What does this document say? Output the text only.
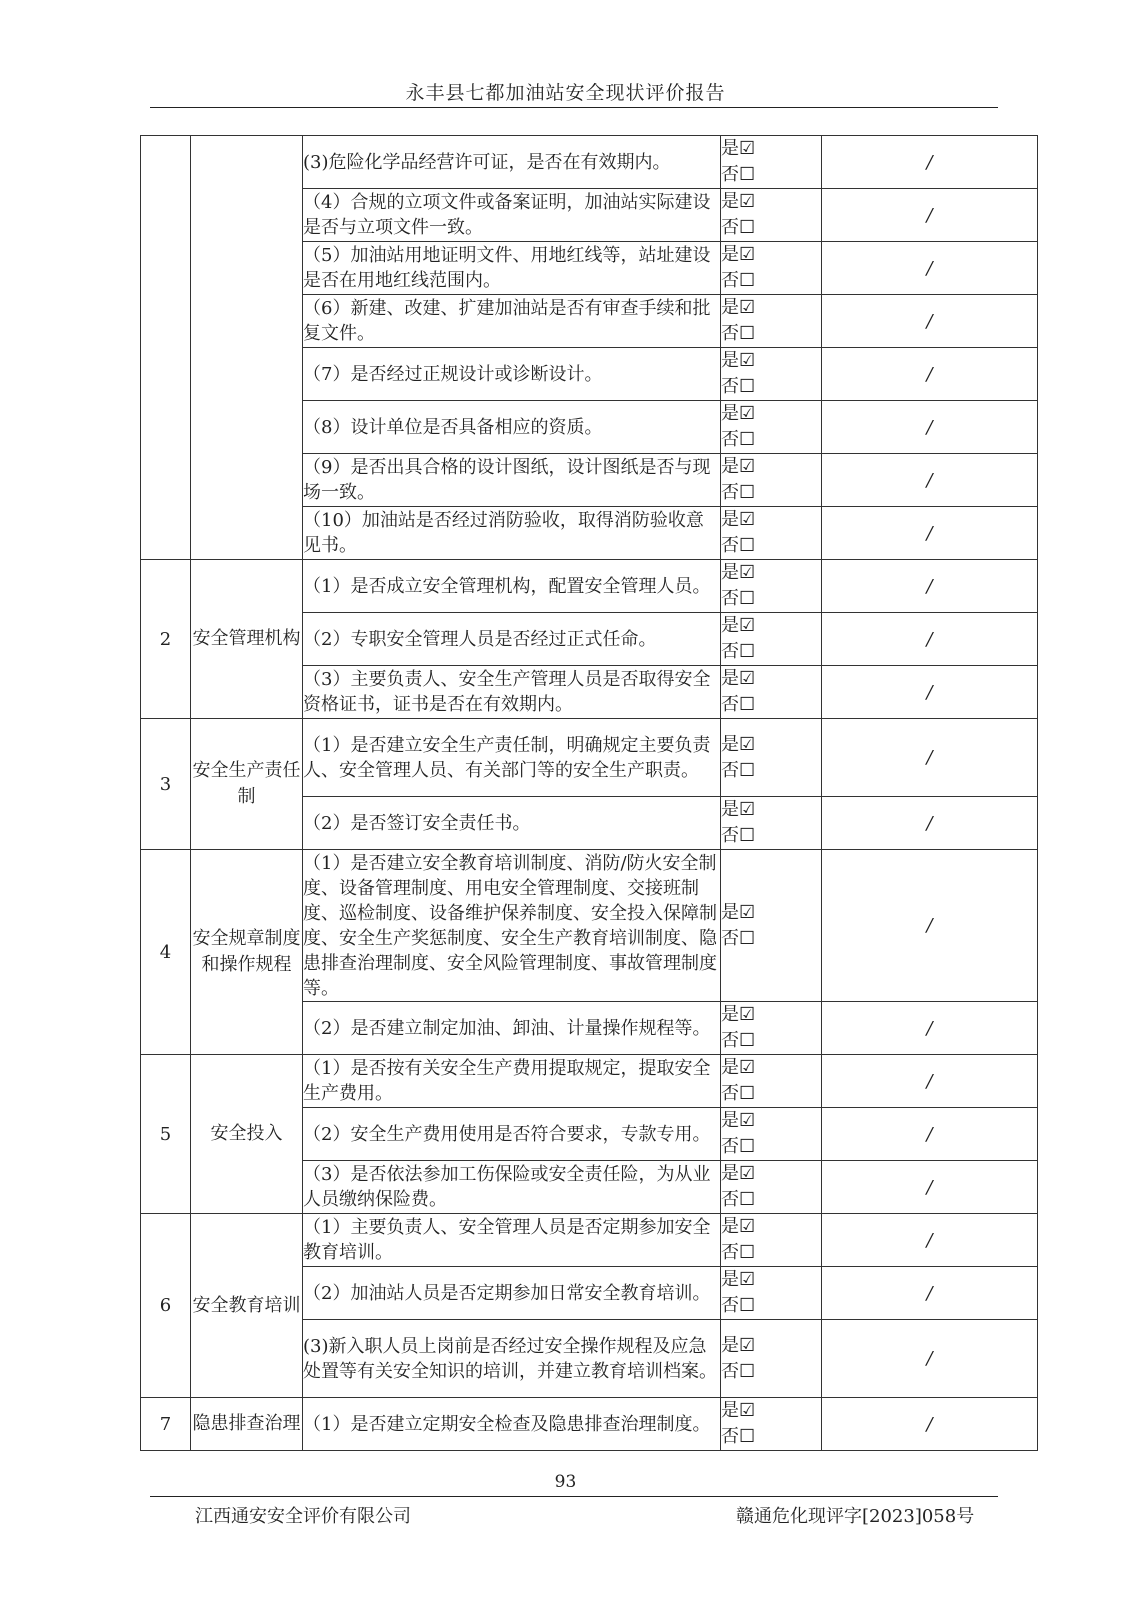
永丰县七都加油站安全现状评价报告
		(3)危险化学品经营许可证，是否在有效期内。	是☑
否☐	/
		（4）合规的立项文件或备案证明，加油站实际建设是否与立项文件一致。	是☑
否☐	/
		（5）加油站用地证明文件、用地红线等，站址建设是否在用地红线范围内。	是☑
否☐	/
		（6）新建、改建、扩建加油站是否有审查手续和批复文件。	是☑
否☐	/
		（7）是否经过正规设计或诊断设计。	是☑
否☐	/
		（8）设计单位是否具备相应的资质。	是☑
否☐	/
		（9）是否出具合格的设计图纸，设计图纸是否与现场一致。	是☑
否☐	/
		（10）加油站是否经过消防验收，取得消防验收意见书。	是☑
否☐	/
2	安全管理机构	（1）是否成立安全管理机构，配置安全管理人员。	是☑
否☐	/
		（2）专职安全管理人员是否经过正式任命。	是☑
否☐	/
		（3）主要负责人、安全生产管理人员是否取得安全资格证书，证书是否在有效期内。	是☑
否☐	/
3	安全生产责任制	（1）是否建立安全生产责任制，明确规定主要负责人、安全管理人员、有关部门等的安全生产职责。	是☑
否☐	/
		（2）是否签订安全责任书。	是☑
否☐	/
4	安全规章制度和操作规程	（1）是否建立安全教育培训制度、消防/防火安全制度、设备管理制度、用电安全管理制度、交接班制度、巡检制度、设备维护保养制度、安全投入保障制度、安全生产奖惩制度、安全生产教育培训制度、隐患排查治理制度、安全风险管理制度、事故管理制度等。	是☑
否☐	/
		（2）是否建立制定加油、卸油、计量操作规程等。	是☑
否☐	/
5	安全投入	（1）是否按有关安全生产费用提取规定，提取安全生产费用。	是☑
否☐	/
		（2）安全生产费用使用是否符合要求，专款专用。	是☑
否☐	/
		（3）是否依法参加工伤保险或安全责任险，为从业人员缴纳保险费。	是☑
否☐	/
6	安全教育培训	（1）主要负责人、安全管理人员是否定期参加安全教育培训。	是☑
否☐	/
		（2）加油站人员是否定期参加日常安全教育培训。	是☑
否☐	/
		(3)新入职人员上岗前是否经过安全操作规程及应急处置等有关安全知识的培训，并建立教育培训档案。	是☑
否☐	/
7	隐患排查治理	（1）是否建立定期安全检查及隐患排查治理制度。	是☑
否☐	/
93
江西通安安全评价有限公司	赣通危化现评字[2023]058号
